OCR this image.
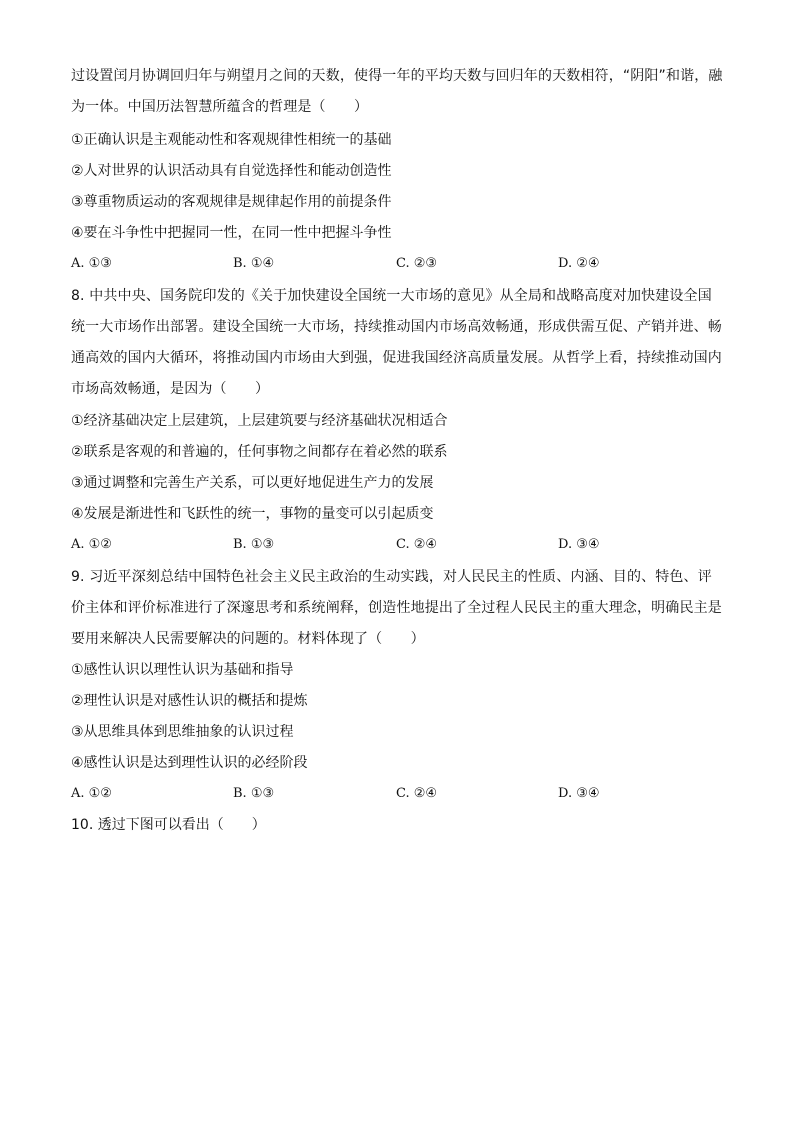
过设置闰月协调回归年与朔望月之间的天数，使得一年的平均天数与回归年的天数相符，“阴阳”和谐，融为一体。中国历法智慧所蕴含的哲理是（　　）
①正确认识是主观能动性和客观规律性相统一的基础
②人对世界的认识活动具有自觉选择性和能动创造性
③尊重物质运动的客观规律是规律起作用的前提条件
④要在斗争性中把握同一性，在同一性中把握斗争性
A. ①③	B. ①④	C. ②③	D. ②④
8. 中共中央、国务院印发的《关于加快建设全国统一大市场的意见》从全局和战略高度对加快建设全国统一大市场作出部署。建设全国统一大市场，持续推动国内市场高效畅通，形成供需互促、产销并进、畅通高效的国内大循环，将推动国内市场由大到强，促进我国经济高质量发展。从哲学上看，持续推动国内市场高效畅通，是因为（　　）
①经济基础决定上层建筑，上层建筑要与经济基础状况相适合
②联系是客观的和普遍的，任何事物之间都存在着必然的联系
③通过调整和完善生产关系，可以更好地促进生产力的发展
④发展是渐进性和飞跃性的统一，事物的量变可以引起质变
A. ①②	B. ①③	C. ②④	D. ③④
9. 习近平深刻总结中国特色社会主义民主政治的生动实践，对人民民主的性质、内涵、目的、特色、评价主体和评价标准进行了深邃思考和系统阐释，创造性地提出了全过程人民民主的重大理念，明确民主是要用来解决人民需要解决的问题的。材料体现了（　　）
①感性认识以理性认识为基础和指导
②理性认识是对感性认识的概括和提炼
③从思维具体到思维抽象的认识过程
④感性认识是达到理性认识的必经阶段
A. ①②	B. ①③	C. ②④	D. ③④
10. 透过下图可以看出（　　）
